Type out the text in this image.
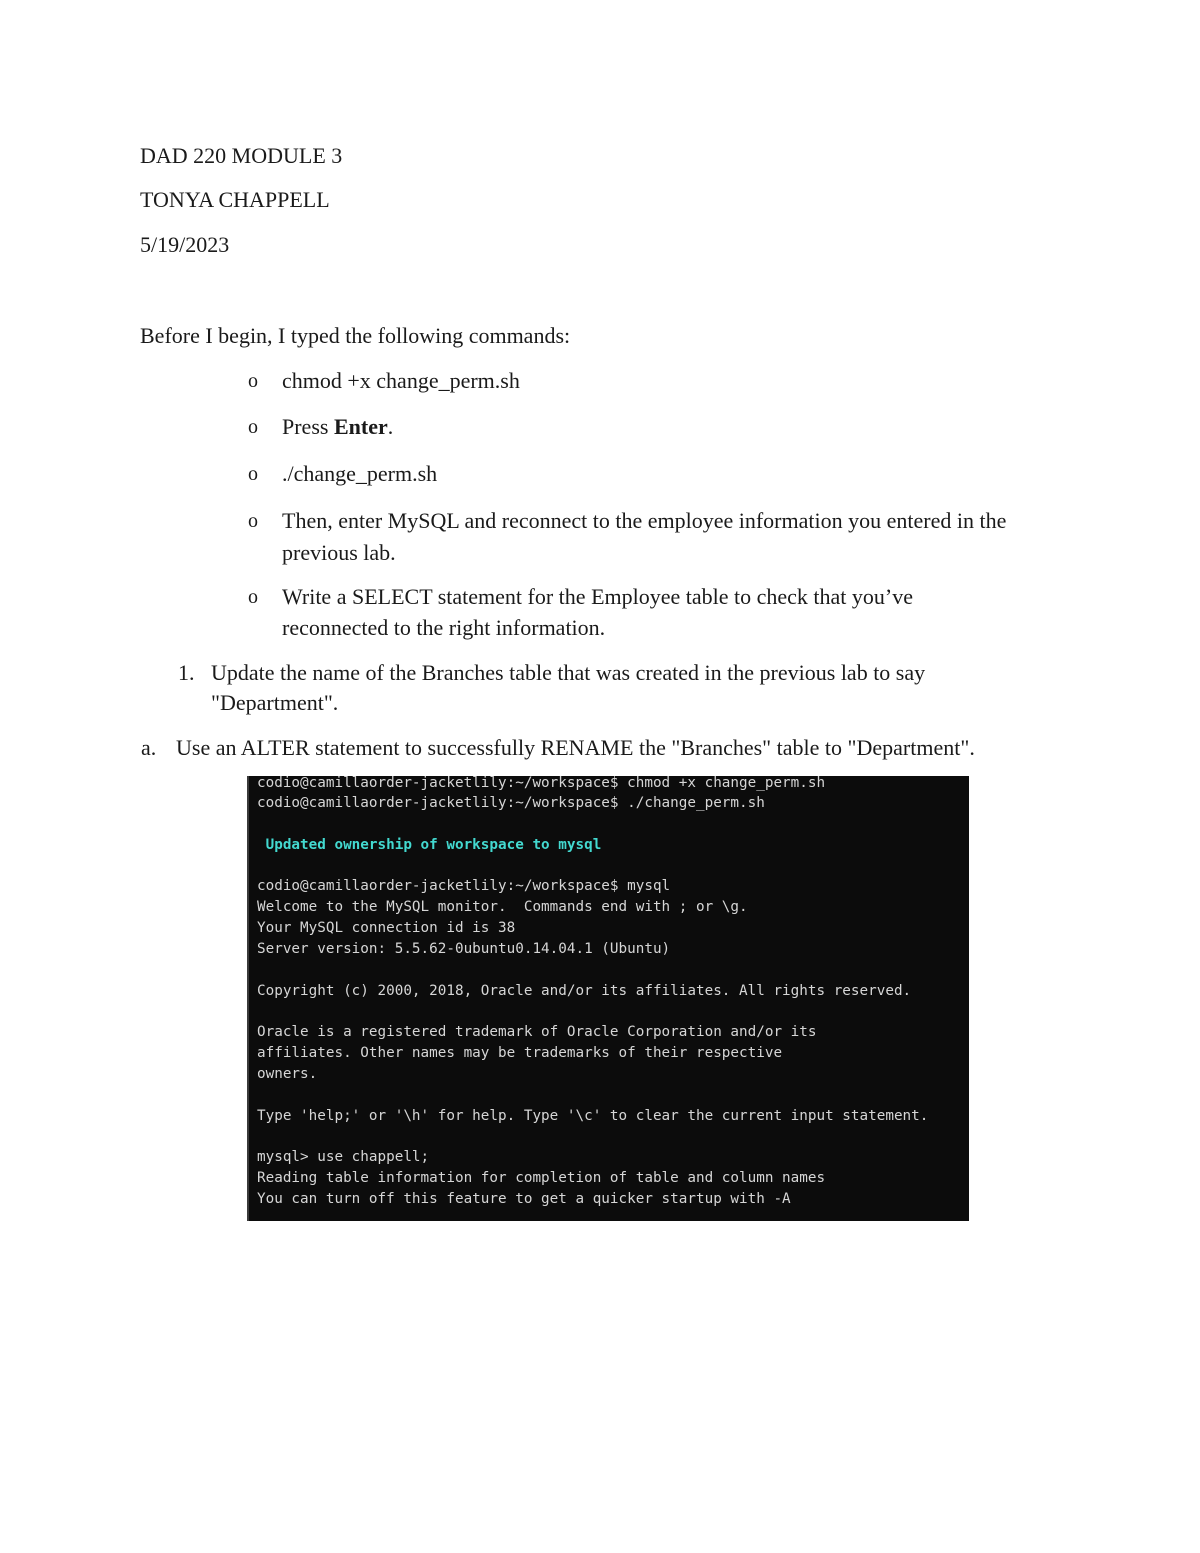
DAD 220 MODULE 3
TONYA CHAPPELL
5/19/2023
Before I begin, I typed the following commands:
o chmod +x change_perm.sh
o Press Enter.
o ./change_perm.sh
o Then, enter MySQL and reconnect to the employee information you entered in the
previous lab.
o Write a SELECT statement for the Employee table to check that you’ve
reconnected to the right information.
1. Update the name of the Branches table that was created in the previous lab to say
"Department".
a. Use an ALTER statement to successfully RENAME the "Branches" table to "Department".
codio@camillaorder-jacketlily:~/workspace$ chmod +x change_perm.sh
codio@camillaorder-jacketlily:~/workspace$ ./change_perm.sh
Updated ownership of workspace to mysql
codio@camillaorder-jacketlily:~/workspace$ mysql
Welcome to the MySQL monitor.  Commands end with ; or \g.
Your MySQL connection id is 38
Server version: 5.5.62-0ubuntu0.14.04.1 (Ubuntu)
Copyright (c) 2000, 2018, Oracle and/or its affiliates. All rights reserved.
Oracle is a registered trademark of Oracle Corporation and/or its
affiliates. Other names may be trademarks of their respective
owners.
Type 'help;' or '\h' for help. Type '\c' to clear the current input statement.
mysql> use chappell;
Reading table information for completion of table and column names
You can turn off this feature to get a quicker startup with -A
